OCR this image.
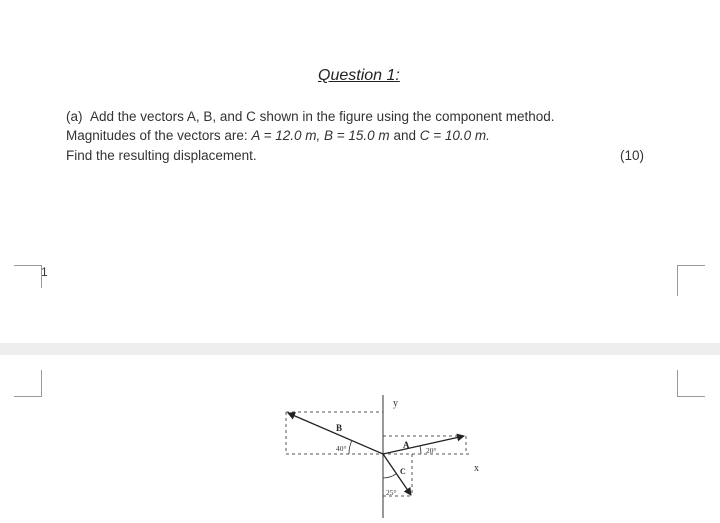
Question 1:
(a) Add the vectors A, B, and C shown in the figure using the component method.
Magnitudes of the vectors are: A = 12.0 m, B = 15.0 m and C = 10.0 m.
Find the resulting displacement.	(10)
1
y
x
B
A
C
40°	20°
25°
